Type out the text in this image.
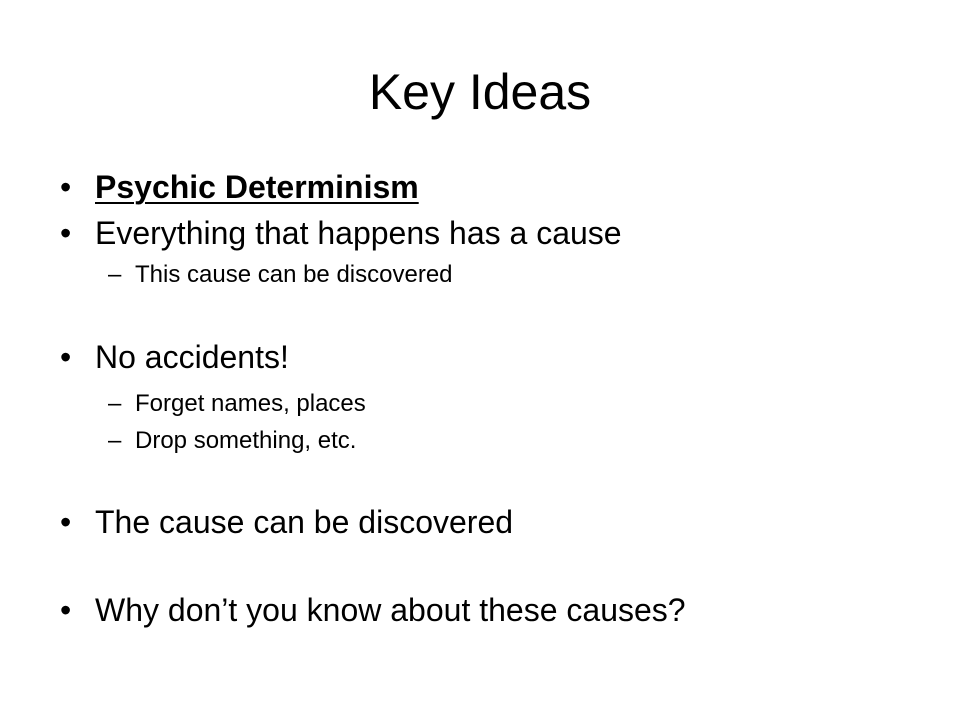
Key Ideas
• Psychic Determinism
• Everything that happens has a cause
– This cause can be discovered
• No accidents!
– Forget names, places
– Drop something, etc.
• The cause can be discovered
• Why don’t you know about these causes?
